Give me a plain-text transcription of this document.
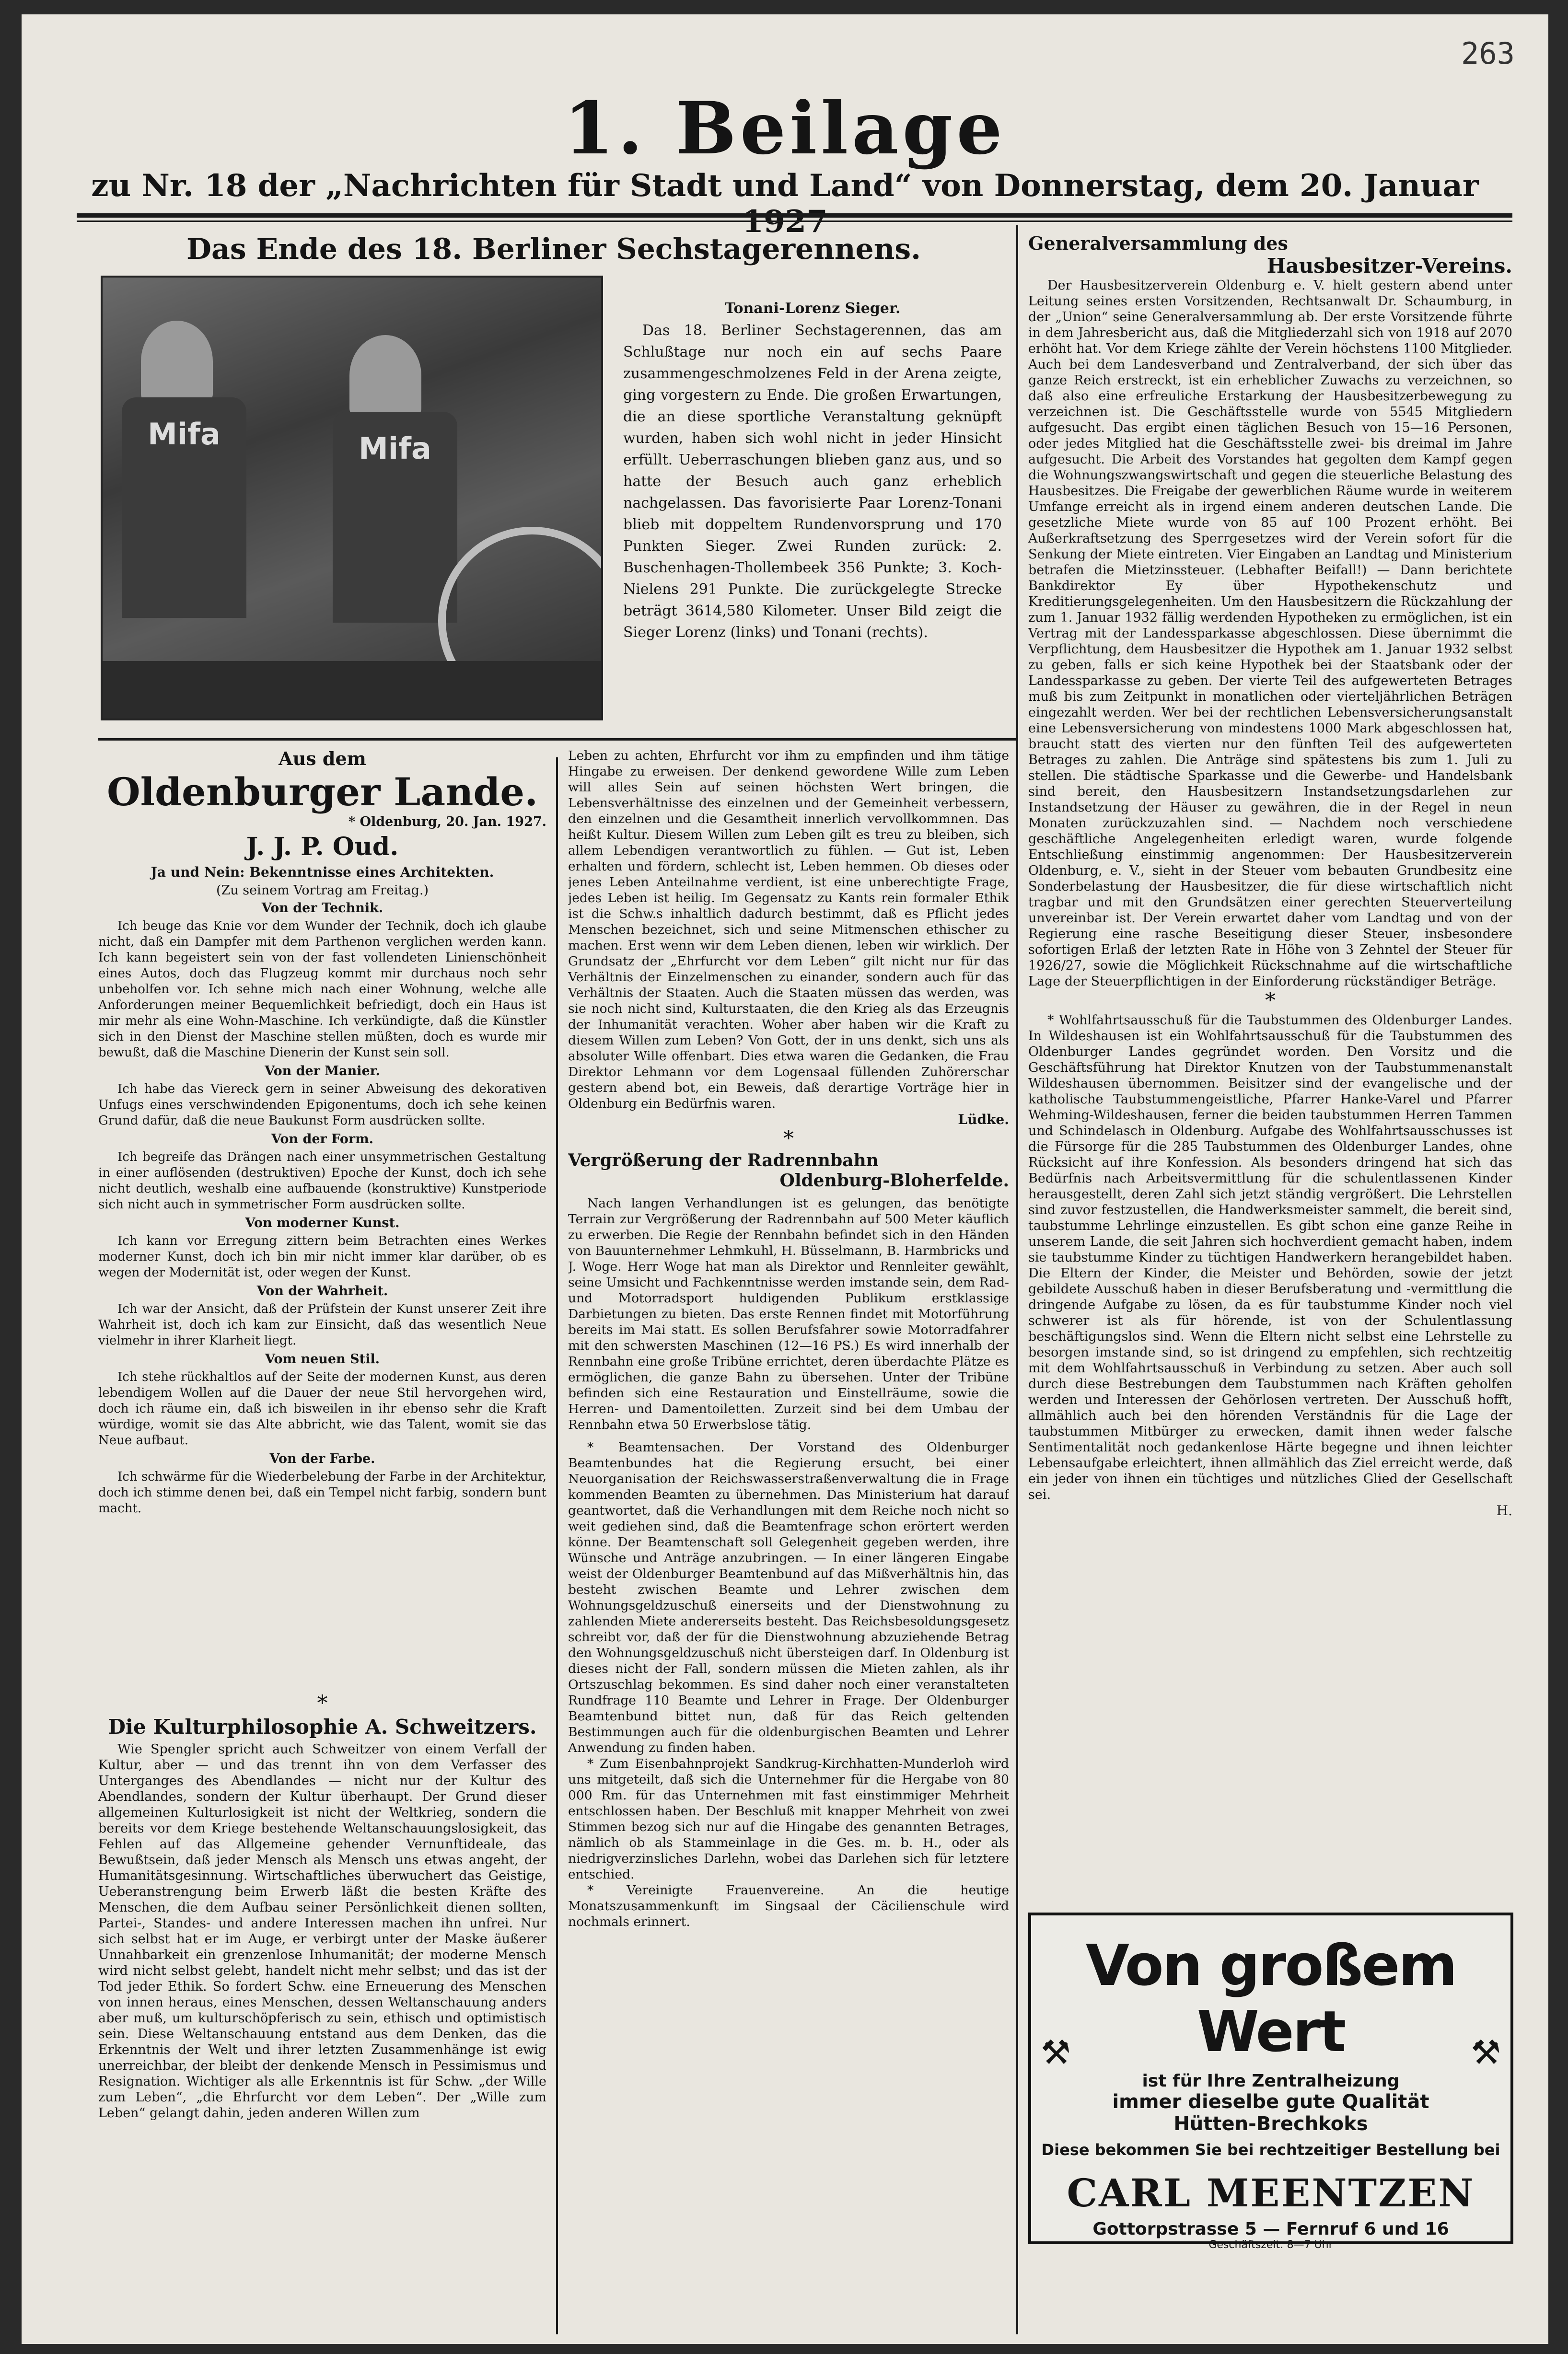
263
1. Beilage
zu Nr. 18 der „Nachrichten für Stadt und Land“ von Donnerstag, dem 20. Januar
Das Ende des 18. Berliner Sechstagerennens.
Mifa	Mifa
Tonani-Lorenz Sieger.

Das 18. Berliner Sechstagerennen, das am Schlußtage nur noch ein auf sechs Paare zusammengeschmolzenes Feld in der Arena zeigte, ging vorgestern zu Ende. Die großen Erwartungen, die an diese sportliche Veranstaltung geknüpft wurden, haben sich wohl nicht in jeder Hinsicht erfüllt. Ueberraschungen blieben ganz aus, und so hatte der Besuch auch ganz erheblich nachgelassen. Das favorisierte Paar Lorenz-Tonani blieb mit doppeltem Rundenvorsprung und 170 Punkten Sieger. Zwei Runden zurück: 2. Buschenhagen-Thollembeek 356 Punkte; 3. Koch-Nielens 291 Punkte. Die zurückgelegte Strecke beträgt 3614,580 Kilometer. Unser Bild zeigt die Sieger Lorenz (links) und Tonani (rechts).

Generalversammlung des
Hausbesitzer-Vereins.

Der Hausbesitzerverein Oldenburg e. V. hielt gestern abend unter Leitung seines ersten Vorsitzenden, Rechtsanwalt Dr. Schaumburg, in der „Union“ seine Generalversammlung ab. Der erste Vorsitzende führte in dem Jahresbericht aus, daß die Mitgliederzahl sich von 1918 auf 2070 erhöht hat. Vor dem Kriege zählte der Verein höchstens 1100 Mitglieder. Auch bei dem Landesverband und Zentralverband, der sich über das ganze Reich erstreckt, ist ein erheblicher Zuwachs zu verzeichnen, so daß also eine erfreuliche Erstarkung der Hausbesitzerbewegung zu verzeichnen ist. Die Geschäftsstelle wurde von 5545 Mitgliedern aufgesucht. Das ergibt einen täglichen Besuch von 15—16 Personen, oder jedes Mitglied hat die Geschäftsstelle zwei- bis dreimal im Jahre aufgesucht. Die Arbeit des Vorstandes hat gegolten dem Kampf gegen die Wohnungszwangswirtschaft und gegen die steuerliche Belastung des Hausbesitzes. Die Freigabe der gewerblichen Räume wurde in weiterem Umfange erreicht als in irgend einem anderen deutschen Lande. Die gesetzliche Miete wurde von 85 auf 100 Prozent erhöht. Bei Außerkraftsetzung des Sperrgesetzes wird der Verein sofort für die Senkung der Miete eintreten. Vier Eingaben an Landtag und Ministerium betrafen die Mietzinssteuer. (Lebhafter Beifall!) — Dann berichtete Bankdirektor Ey über Hypothekenschutz und Kreditierungsgelegenheiten. Um den Hausbesitzern die Rückzahlung der zum 1. Januar 1932 fällig werdenden Hypotheken zu ermöglichen, ist ein Vertrag mit der Landessparkasse abgeschlossen. Diese übernimmt die Verpflichtung, dem Hausbesitzer die Hypothek am 1. Januar 1932 selbst zu geben, falls er sich keine Hypothek bei der Staatsbank oder der Landessparkasse zu geben. Der vierte Teil des aufgewerteten Betrages muß bis zum Zeitpunkt in monatlichen oder vierteljährlichen Beträgen eingezahlt werden. Wer bei der rechtlichen Lebensversicherungsanstalt eine Lebensversicherung von mindestens 1000 Mark abgeschlossen hat, braucht statt des vierten nur den fünften Teil des aufgewerteten Betrages zu zahlen. Die Anträge sind spätestens bis zum 1. Juli zu stellen. Die städtische Sparkasse und die Gewerbe- und Handelsbank sind bereit, den Hausbesitzern Instandsetzungsdarlehen zur Instandsetzung der Häuser zu gewähren, die in der Regel in neun Monaten zurückzuzahlen sind. — Nachdem noch verschiedene geschäftliche Angelegenheiten erledigt waren, wurde folgende Entschließung einstimmig angenommen: Der Hausbesitzerverein Oldenburg, e. V., sieht in der Steuer vom bebauten Grundbesitz eine Sonderbelastung der Hausbesitzer, die für diese wirtschaftlich nicht tragbar und mit den Grundsätzen einer gerechten Steuerverteilung unvereinbar ist. Der Verein erwartet daher vom Landtag und von der Regierung eine rasche Beseitigung dieser Steuer, insbesondere sofortigen Erlaß der letzten Rate in Höhe von 3 Zehntel der Steuer für 1926/27, sowie die Möglichkeit Rückschnahme auf die wirtschaftliche Lage der Steuerpflichtigen in der Einforderung rückständiger Beträge.

*

* Wohlfahrtsausschuß für die Taubstummen des Oldenburger Landes. In Wildeshausen ist ein Wohlfahrtsausschuß für die Taubstummen des Oldenburger Landes gegründet worden. Den Vorsitz und die Geschäftsführung hat Direktor Knutzen von der Taubstummenanstalt Wildeshausen übernommen. Beisitzer sind der evangelische und der katholische Taubstummengeistliche, Pfarrer Hanke-Varel und Pfarrer Wehming-Wildeshausen, ferner die beiden taubstummen Herren Tammen und Schindelasch in Oldenburg. Aufgabe des Wohlfahrtsausschusses ist die Fürsorge für die 285 Taubstummen des Oldenburger Landes, ohne Rücksicht auf ihre Konfession. Als besonders dringend hat sich das Bedürfnis nach Arbeitsvermittlung für die schulentlassenen Kinder herausgestellt, deren Zahl sich jetzt ständig vergrößert. Die Lehrstellen sind zuvor festzustellen, die Handwerksmeister sammelt, die bereit sind, taubstumme Lehrlinge einzustellen. Es gibt schon eine ganze Reihe in unserem Lande, die seit Jahren sich hochverdient gemacht haben, indem sie taubstumme Kinder zu tüchtigen Handwerkern herangebildet haben. Die Eltern der Kinder, die Meister und Behörden, sowie der jetzt gebildete Ausschuß haben in dieser Berufsberatung und -vermittlung die dringende Aufgabe zu lösen, da es für taubstumme Kinder noch viel schwerer ist als für hörende, ist von der Schulentlassung beschäftigungslos sind. Wenn die Eltern nicht selbst eine Lehrstelle zu besorgen imstande sind, so ist dringend zu empfehlen, sich rechtzeitig mit dem Wohlfahrtsausschuß in Verbindung zu setzen. Aber auch soll durch diese Bestrebungen dem Taubstummen nach Kräften geholfen werden und Interessen der Gehörlosen vertreten. Der Ausschuß hofft, allmählich auch bei den hörenden Verständnis für die Lage der taubstummen Mitbürger zu erwecken, damit ihnen weder falsche Sentimentalität noch gedankenlose Härte begegne und ihnen leichter Lebensaufgabe erleichtert, ihnen allmählich das Ziel erreicht werde, daß ein jeder von ihnen ein tüchtiges und nützliches Glied der Gesellschaft sei.

H.
Von großem Wert
ist für Ihre Zentralheizung
immer dieselbe gute Qualität
Hütten-Brechkoks
⚒	⚒
Diese bekommen Sie bei rechtzeitiger Bestellung bei
CARL MEENTZEN
Gottorpstrasse 5 — Fernruf 6 und 16
Geschäftszeit: 8—7 Uhr
Aus dem
Oldenburger Lande.
* Oldenburg, 20. Jan. 1927.
J. J. P. Oud.
Ja und Nein: Bekenntnisse eines Architekten.
(Zu seinem Vortrag am Freitag.)
Von der Technik.

Ich beuge das Knie vor dem Wunder der Technik, doch ich glaube nicht, daß ein Dampfer mit dem Parthenon verglichen werden kann. Ich kann begeistert sein von der fast vollendeten Linienschönheit eines Autos, doch das Flugzeug kommt mir durchaus noch sehr unbeholfen vor. Ich sehne mich nach einer Wohnung, welche alle Anforderungen meiner Bequemlichkeit befriedigt, doch ein Haus ist mir mehr als eine Wohn-Maschine. Ich verkündigte, daß die Künstler sich in den Dienst der Maschine stellen müßten, doch es wurde mir bewußt, daß die Maschine Dienerin der Kunst sein soll.

Von der Manier.

Ich habe das Viereck gern in seiner Abweisung des dekorativen Unfugs eines verschwindenden Epigonentums, doch ich sehe keinen Grund dafür, daß die neue Baukunst Form ausdrücken sollte.

Von der Form.

Ich begreife das Drängen nach einer unsymmetrischen Gestaltung in einer auflösenden (destruktiven) Epoche der Kunst, doch ich sehe nicht deutlich, weshalb eine aufbauende (konstruktive) Kunstperiode sich nicht auch in symmetrischer Form ausdrücken sollte.

Von moderner Kunst.

Ich kann vor Erregung zittern beim Betrachten eines Werkes moderner Kunst, doch ich bin mir nicht immer klar darüber, ob es wegen der Modernität ist, oder wegen der Kunst.

Von der Wahrheit.

Ich war der Ansicht, daß der Prüfstein der Kunst unserer Zeit ihre Wahrheit ist, doch ich kam zur Einsicht, daß das wesentlich Neue vielmehr in ihrer Klarheit liegt.

Vom neuen Stil.

Ich stehe rückhaltlos auf der Seite der modernen Kunst, aus deren lebendigem Wollen auf die Dauer der neue Stil hervorgehen wird, doch ich räume ein, daß ich bisweilen in ihr ebenso sehr die Kraft würdige, womit sie das Alte abbricht, wie das Talent, womit sie das Neue aufbaut.

Von der Farbe.

Ich schwärme für die Wiederbelebung der Farbe in der Architektur, doch ich stimme denen bei, daß ein Tempel nicht farbig, sondern bunt macht.

*
Die Kulturphilosophie A. Schweitzers.

Wie Spengler spricht auch Schweitzer von einem Verfall der Kultur, aber — und das trennt ihn von dem Verfasser des Unterganges des Abendlandes — nicht nur der Kultur des Abendlandes, sondern der Kultur überhaupt. Der Grund dieser allgemeinen Kulturlosigkeit ist nicht der Weltkrieg, sondern die bereits vor dem Kriege bestehende Weltanschauungslosigkeit, das Fehlen auf das Allgemeine gehender Vernunftideale, das Bewußtsein, daß jeder Mensch als Mensch uns etwas angeht, der Humanitätsgesinnung. Wirtschaftliches überwuchert das Geistige, Ueberanstrengung beim Erwerb läßt die besten Kräfte des Menschen, die dem Aufbau seiner Persönlichkeit dienen sollten, Partei-, Standes- und andere Interessen machen ihn unfrei. Nur sich selbst hat er im Auge, er verbirgt unter der Maske äußerer Unnahbarkeit ein grenzenlose Inhumanität; der moderne Mensch wird nicht selbst gelebt, handelt nicht mehr selbst; und das ist der Tod jeder Ethik. So fordert Schw. eine Erneuerung des Menschen von innen heraus, eines Menschen, dessen Weltanschauung anders aber muß, um kulturschöpferisch zu sein, ethisch und optimistisch sein. Diese Weltanschauung entstand aus dem Denken, das die Erkenntnis der Welt und ihrer letzten Zusammenhänge ist ewig unerreichbar, der bleibt der denkende Mensch in Pessimismus und Resignation. Wichtiger als alle Erkenntnis ist für Schw. „der Wille zum Leben“, „die Ehrfurcht vor dem Leben“. Der „Wille zum Leben“ gelangt dahin, jeden anderen Willen zum

Leben zu achten, Ehrfurcht vor ihm zu empfinden und ihm tätige Hingabe zu erweisen. Der denkend gewordene Wille zum Leben will alles Sein auf seinen höchsten Wert bringen, die Lebensverhältnisse des einzelnen und der Gemeinheit verbessern, den einzelnen und die Gesamtheit innerlich vervollkommnen. Das heißt Kultur. Diesem Willen zum Leben gilt es treu zu bleiben, sich allem Lebendigen verantwortlich zu fühlen. — Gut ist, Leben erhalten und fördern, schlecht ist, Leben hemmen. Ob dieses oder jenes Leben Anteilnahme verdient, ist eine unberechtigte Frage, jedes Leben ist heilig. Im Gegensatz zu Kants rein formaler Ethik ist die Schw.s inhaltlich dadurch bestimmt, daß es Pflicht jedes Menschen bezeichnet, sich und seine Mitmenschen ethischer zu machen. Erst wenn wir dem Leben dienen, leben wir wirklich. Der Grundsatz der „Ehrfurcht vor dem Leben“ gilt nicht nur für das Verhältnis der Einzelmenschen zu einander, sondern auch für das Verhältnis der Staaten. Auch die Staaten müssen das werden, was sie noch nicht sind, Kulturstaaten, die den Krieg als das Erzeugnis der Inhumanität verachten. Woher aber haben wir die Kraft zu diesem Willen zum Leben? Von Gott, der in uns denkt, sich uns als absoluter Wille offenbart. Dies etwa waren die Gedanken, die Frau Direktor Lehmann vor dem Logensaal füllenden Zuhörerschar gestern abend bot, ein Beweis, daß derartige Vorträge hier in Oldenburg ein Bedürfnis waren.

Lüdke.
*
Vergrößerung der Radrennbahn
Oldenburg-Bloherfelde.

Nach langen Verhandlungen ist es gelungen, das benötigte Terrain zur Vergrößerung der Radrennbahn auf 500 Meter käuflich zu erwerben. Die Regie der Rennbahn befindet sich in den Händen von Bauunternehmer Lehmkuhl, H. Büsselmann, B. Harmbricks und J. Woge. Herr Woge hat man als Direktor und Rennleiter gewählt, seine Umsicht und Fachkenntnisse werden imstande sein, dem Rad- und Motorradsport huldigenden Publikum erstklassige Darbietungen zu bieten. Das erste Rennen findet mit Motorführung bereits im Mai statt. Es sollen Berufsfahrer sowie Motorradfahrer mit den schwersten Maschinen (12—16 PS.) Es wird innerhalb der Rennbahn eine große Tribüne errichtet, deren überdachte Plätze es ermöglichen, die ganze Bahn zu übersehen. Unter der Tribüne befinden sich eine Restauration und Einstellräume, sowie die Herren- und Damentoiletten. Zurzeit sind bei dem Umbau der Rennbahn etwa 50 Erwerbslose tätig.

* Beamtensachen. Der Vorstand des Oldenburger Beamtenbundes hat die Regierung ersucht, bei einer Neuorganisation der Reichswasserstraßenverwaltung die in Frage kommenden Beamten zu übernehmen. Das Ministerium hat darauf geantwortet, daß die Verhandlungen mit dem Reiche noch nicht so weit gediehen sind, daß die Beamtenfrage schon erörtert werden könne. Der Beamtenschaft soll Gelegenheit gegeben werden, ihre Wünsche und Anträge anzubringen. — In einer längeren Eingabe weist der Oldenburger Beamtenbund auf das Mißverhältnis hin, das besteht zwischen Beamte und Lehrer zwischen dem Wohnungsgeldzuschuß einerseits und der Dienstwohnung zu zahlenden Miete andererseits besteht. Das Reichsbesoldungsgesetz schreibt vor, daß der für die Dienstwohnung abzuziehende Betrag den Wohnungsgeldzuschuß nicht übersteigen darf. In Oldenburg ist dieses nicht der Fall, sondern müssen die Mieten zahlen, als ihr Ortszuschlag bekommen. Es sind daher noch einer veranstalteten Rundfrage 110 Beamte und Lehrer in Frage. Der Oldenburger Beamtenbund bittet nun, daß für das Reich geltenden Bestimmungen auch für die oldenburgischen Beamten und Lehrer Anwendung zu finden haben.

* Zum Eisenbahnprojekt Sandkrug-Kirchhatten-Munderloh wird uns mitgeteilt, daß sich die Unternehmer für die Hergabe von 80 000 Rm. für das Unternehmen mit fast einstimmiger Mehrheit entschlossen haben. Der Beschluß mit knapper Mehrheit von zwei Stimmen bezog sich nur auf die Hingabe des genannten Betrages, nämlich ob als Stammeinlage in die Ges. m. b. H., oder als niedrigverzinsliches Darlehn, wobei das Darlehen sich für letztere entschied.

* Vereinigte Frauenvereine. An die heutige Monatszusammenkunft im Singsaal der Cäcilienschule wird nochmals erinnert.
